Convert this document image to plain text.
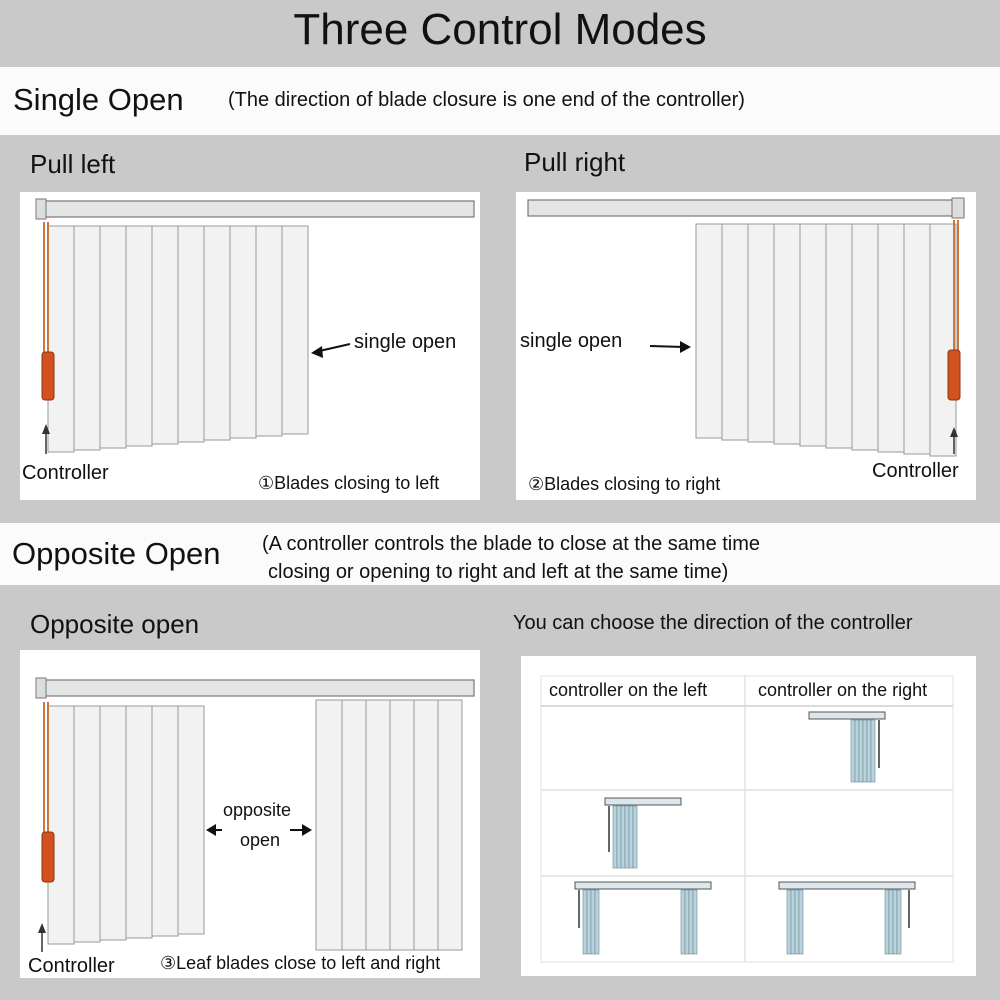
Three Control Modes
Single Open (The direction of blade closure is one end of the controller)
Pull left	Pull right
single open
Controller	①Blades closing to left
single open
Controller
②Blades closing to right
Opposite Open (A controller controls the blade to close at the same time
closing or opening to right and left at the same time)
Opposite open	You can choose the direction of the controller
opposite
open
Controller	③Leaf blades close to left and right
controller on the left	controller on the right
